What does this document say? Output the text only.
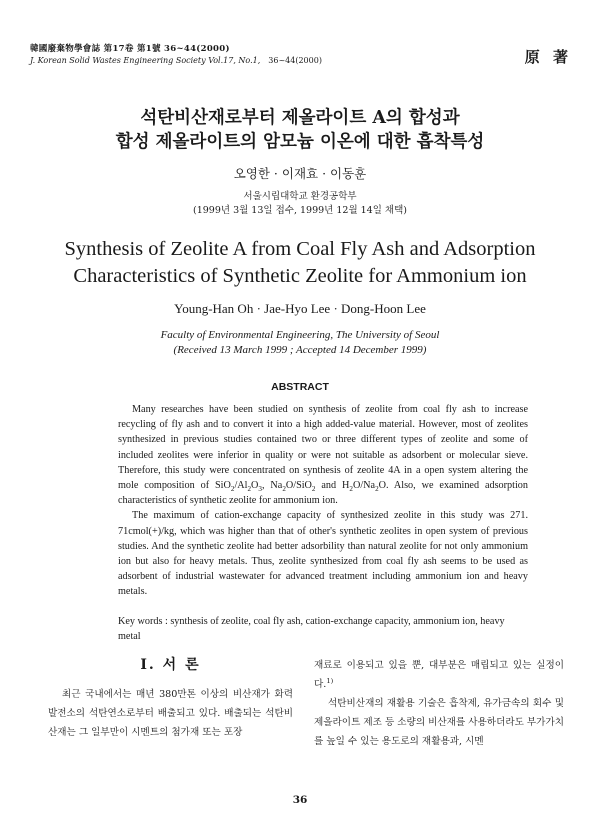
韓國廢棄物學會誌 第17卷 第1號 36~44(2000)
J. Korean Solid Wastes Engineering Society Vol.17, No.1, 36~44(2000)	原 著
석탄비산재로부터 제올라이트 A의 합성과
합성 제올라이트의 암모늄 이온에 대한 흡착특성
오영한 · 이재효 · 이동훈
서울시립대학교 환경공학부
(1999년 3월 13일 접수, 1999년 12월 14일 채택)
Synthesis of Zeolite A from Coal Fly Ash and Adsorption
Characteristics of Synthetic Zeolite for Ammonium ion
Young-Han Oh · Jae-Hyo Lee · Dong-Hoon Lee
Faculty of Environmental Engineering, The University of Seoul
(Received 13 March 1999 ; Accepted 14 December 1999)
ABSTRACT

Many researches have been studied on synthesis of zeolite from coal fly ash to increase recycling of fly ash and to convert it into a high added-value material. However, most of zeolites synthesized in previous studies contained two or three different types of zeolite and some of included zeolites were inferior in quality or were not suitable as adsorbent or molecular sieve. Therefore, this study were concentrated on synthesis of zeolite 4A in a open system altering the mole composition of $SiO_2/Al_2O_3$, $Na_2O/SiO_2$ and $H_2O/Na_2O$. Also, we examined adsorption characteristics of synthetic zeolite for ammonium ion.

The maximum of cation-exchange capacity of synthesized zeolite in this study was 271. 71cmol(+)/kg, which was higher than that of other's synthetic zeolites in open system of previous studies. And the synthetic zeolite had better adsorbility than natural zeolite for not only ammonium ion but also for heavy metals. Thus, zeolite synthesized from coal fly ash seems to be used as adsorbent of industrial wastewater for advanced treatment including ammonium ion and heavy metals.

Key words : synthesis of zeolite, coal fly ash, cation-exchange capacity, ammonium ion, heavy metal
Ⅰ. 서 론

최근 국내에서는 매년 380만톤 이상의 비산재가 화력발전소의 석탄연소로부터 배출되고 있다. 배출되는 석탄비산재는 그 일부만이 시멘트의 첨가재 또는 포장

재료로 이용되고 있을 뿐, 대부분은 매립되고 있는 실정이다.$^{1)}$

석탄비산재의 재활용 기술은 흡착제, 유가금속의 회수 및 제올라이트 제조 등 소량의 비산재를 사용하더라도 부가가치를 높일 수 있는 용도로의 재활용과, 시멘

36
